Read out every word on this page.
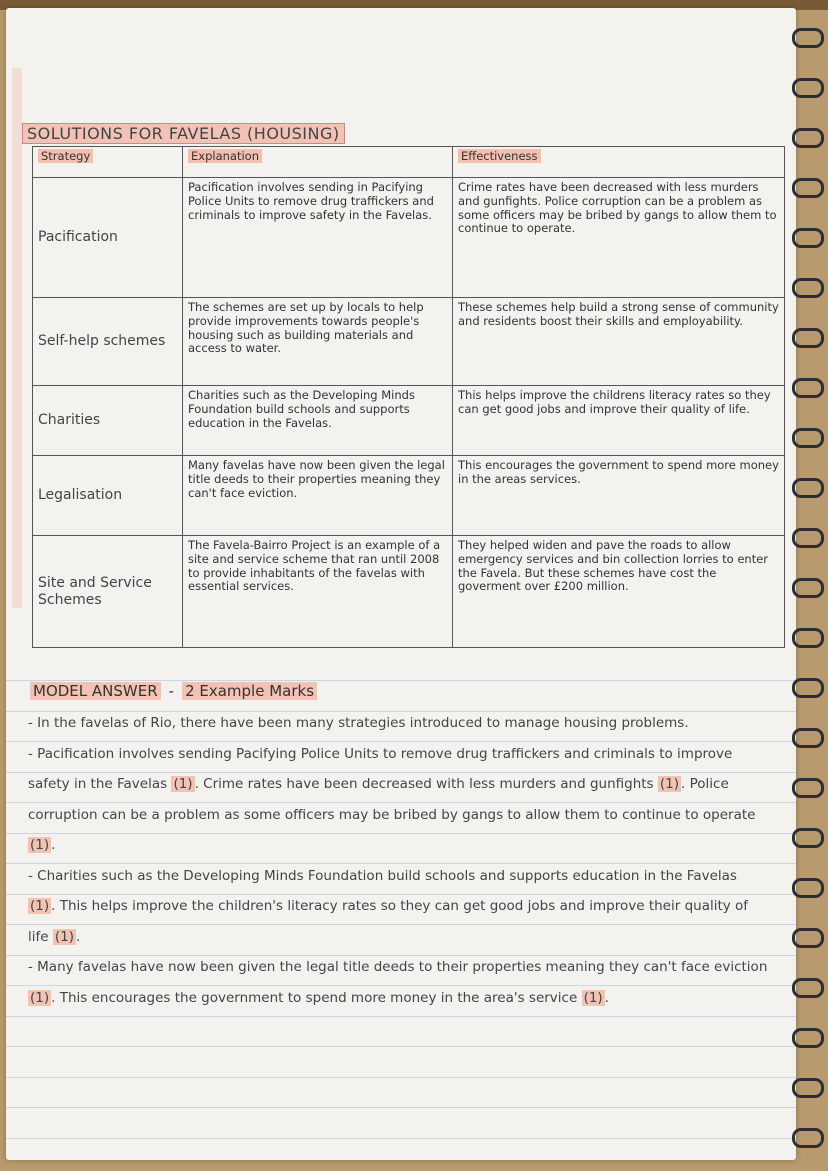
SOLUTIONS FOR FAVELAS (HOUSING)
Strategy	Explanation	Effectiveness
Pacification	Pacification involves sending in Pacifying Police Units to remove drug traffickers and criminals to improve safety in the Favelas.	Crime rates have been decreased with less murders and gunfights. Police corruption can be a problem as some officers may be bribed by gangs to allow them to continue to operate.
Self-help schemes	The schemes are set up by locals to help provide improvements towards people's housing such as building materials and access to water.	These schemes help build a strong sense of community and residents boost their skills and employability.
Charities	Charities such as the Developing Minds Foundation build schools and supports education in the Favelas.	This helps improve the childrens literacy rates so they can get good jobs and improve their quality of life.
Legalisation	Many favelas have now been given the legal title deeds to their properties meaning they can't face eviction.	This encourages the government to spend more money in the areas services.
Site and Service Schemes	The Favela-Bairro Project is an example of a site and service scheme that ran until 2008 to provide inhabitants of the favelas with essential services.	They helped widen and pave the roads to allow emergency services and bin collection lorries to enter the Favela. But these schemes have cost the goverment over £200 million.
MODEL ANSWER - 2 Example Marks

- In the favelas of Rio, there have been many strategies introduced to manage housing problems.

- Pacification involves sending Pacifying Police Units to remove drug traffickers and criminals to improve safety in the Favelas (1) . Crime rates have been decreased with less murders and gunfights (1) . Police corruption can be a problem as some officers may be bribed by gangs to allow them to continue to operate (1) .

- Charities such as the Developing Minds Foundation build schools and supports education in the Favelas (1) . This helps improve the children's literacy rates so they can get good jobs and improve their quality of life (1) .

- Many favelas have now been given the legal title deeds to their properties meaning they can't face eviction (1) . This encourages the government to spend more money in the area's service (1) .
